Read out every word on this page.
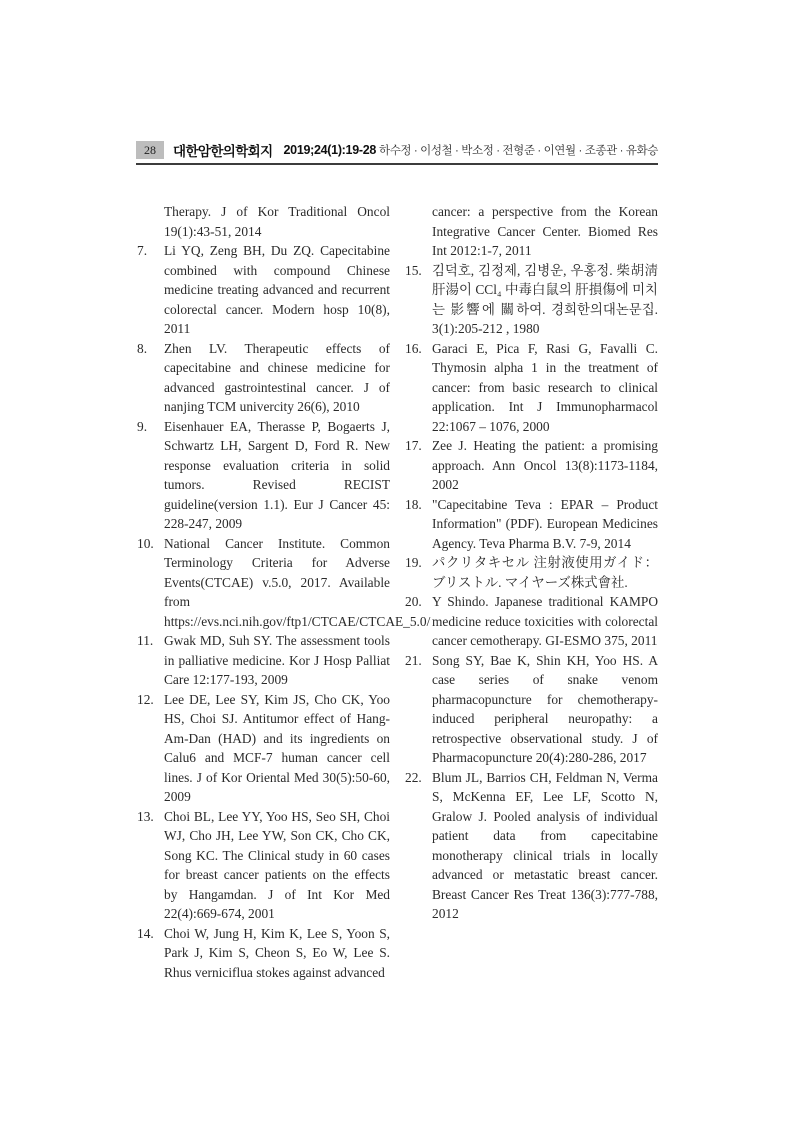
28	대한암한의학회지 2019;24(1):19-28 하수정 · 이성철 · 박소정 · 전형준 · 이연월 · 조종관 · 유화승
Therapy. J of Kor Traditional Oncol 19(1):43-51, 2014
7. Li YQ, Zeng BH, Du ZQ. Capecitabine combined with compound Chinese medicine treating advanced and recurrent colorectal cancer. Modern hosp 10(8), 2011
8. Zhen LV. Therapeutic effects of capecitabine and chinese medicine for advanced gastrointestinal cancer. J of nanjing TCM univercity 26(6), 2010
9. Eisenhauer EA, Therasse P, Bogaerts J, Schwartz LH, Sargent D, Ford R. New response evaluation criteria in solid tumors. Revised RECIST guideline(version 1.1). Eur J Cancer 45: 228-247, 2009
10. National Cancer Institute. Common Terminology Criteria for Adverse Events(CTCAE) v.5.0, 2017. Available from https://evs.nci.nih.gov/ftp1/CTCAE/CTCAE_5.0/
11. Gwak MD, Suh SY. The assessment tools in palliative medicine. Kor J Hosp Palliat Care 12:177-193, 2009
12. Lee DE, Lee SY, Kim JS, Cho CK, Yoo HS, Choi SJ. Antitumor effect of Hang-Am-Dan (HAD) and its ingredients on Calu6 and MCF-7 human cancer cell lines. J of Kor Oriental Med 30(5):50-60, 2009
13. Choi BL, Lee YY, Yoo HS, Seo SH, Choi WJ, Cho JH, Lee YW, Son CK, Cho CK, Song KC. The Clinical study in 60 cases for breast cancer patients on the effects by Hangamdan. J of Int Kor Med 22(4):669-674, 2001
14. Choi W, Jung H, Kim K, Lee S, Yoon S, Park J, Kim S, Cheon S, Eo W, Lee S. Rhus verniciflua stokes against advanced
cancer: a perspective from the Korean Integrative Cancer Center. Biomed Res Int 2012:1-7, 2011
15. 김덕호, 김정제, 김병운, 우홍정. 柴胡淸肝湯이 CCl₄ 中毒白鼠의 肝損傷에 미치는 影響에 關하여. 경희한의대논문집. 3(1):205-212 , 1980
16. Garaci E, Pica F, Rasi G, Favalli C. Thymosin alpha 1 in the treatment of cancer: from basic research to clinical application. Int J Immunopharmacol 22:1067 – 1076, 2000
17. Zee J. Heating the patient: a promising approach. Ann Oncol 13(8):1173-1184, 2002
18. "Capecitabine Teva : EPAR – Product Information" (PDF). European Medicines Agency. Teva Pharma B.V. 7-9, 2014
19. パクリタキセル 注射液使用ガイド：ブリストル. マイヤーズ株式會社.
20. Y Shindo. Japanese traditional KAMPO medicine reduce toxicities with colorectal cancer cemotherapy. GI-ESMO 375, 2011
21. Song SY, Bae K, Shin KH, Yoo HS. A case series of snake venom pharmacopuncture for chemotherapy-induced peripheral neuropathy: a retrospective observational study. J of Pharmacopuncture 20(4):280-286, 2017
22. Blum JL, Barrios CH, Feldman N, Verma S, McKenna EF, Lee LF, Scotto N, Gralow J. Pooled analysis of individual patient data from capecitabine monotherapy clinical trials in locally advanced or metastatic breast cancer. Breast Cancer Res Treat 136(3):777-788, 2012
